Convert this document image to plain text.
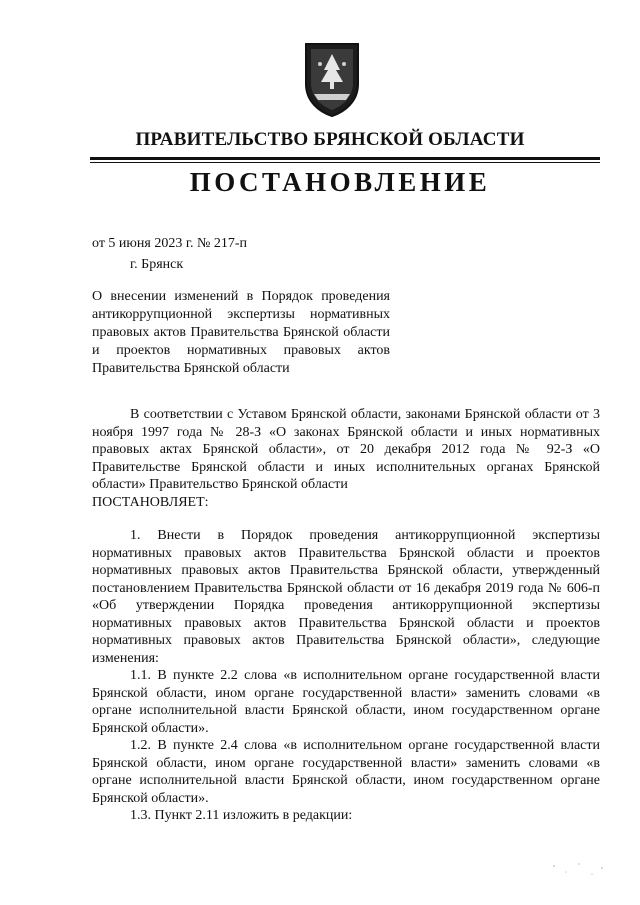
ПРАВИТЕЛЬСТВО БРЯНСКОЙ ОБЛАСТИ
ПОСТАНОВЛЕНИЕ
от 5 июня 2023 г. № 217-п
г. Брянск
О внесении изменений в Порядок проведения антикоррупционной экспертизы нормативных правовых актов Правительства Брянской области и проектов нормативных правовых актов Правительства Брянской области

В соответствии с Уставом Брянской области, законами Брянской области от 3 ноября 1997 года № 28-З «О законах Брянской области и иных нормативных правовых актах Брянской области», от 20 декабря 2012 года № 92-З «О Правительстве Брянской области и иных исполнительных органах Брянской области» Правительство Брянской области

ПОСТАНОВЛЯЕТ:

1. Внести в Порядок проведения антикоррупционной экспертизы нормативных правовых актов Правительства Брянской области и проектов нормативных правовых актов Правительства Брянской области, утвержденный постановлением Правительства Брянской области от 16 декабря 2019 года № 606-п «Об утверждении Порядка проведения антикоррупционной экспертизы нормативных правовых актов Правительства Брянской области и проектов нормативных правовых актов Правительства Брянской области», следующие изменения:

1.1. В пункте 2.2 слова «в исполнительном органе государственной власти Брянской области, ином органе государственной власти» заменить словами «в органе исполнительной власти Брянской области, ином государственном органе Брянской области».

1.2. В пункте 2.4 слова «в исполнительном органе государственной власти Брянской области, ином органе государственной власти» заменить словами «в органе исполнительной власти Брянской области, ином государственном органе Брянской области».

1.3. Пункт 2.11 изложить в редакции:
